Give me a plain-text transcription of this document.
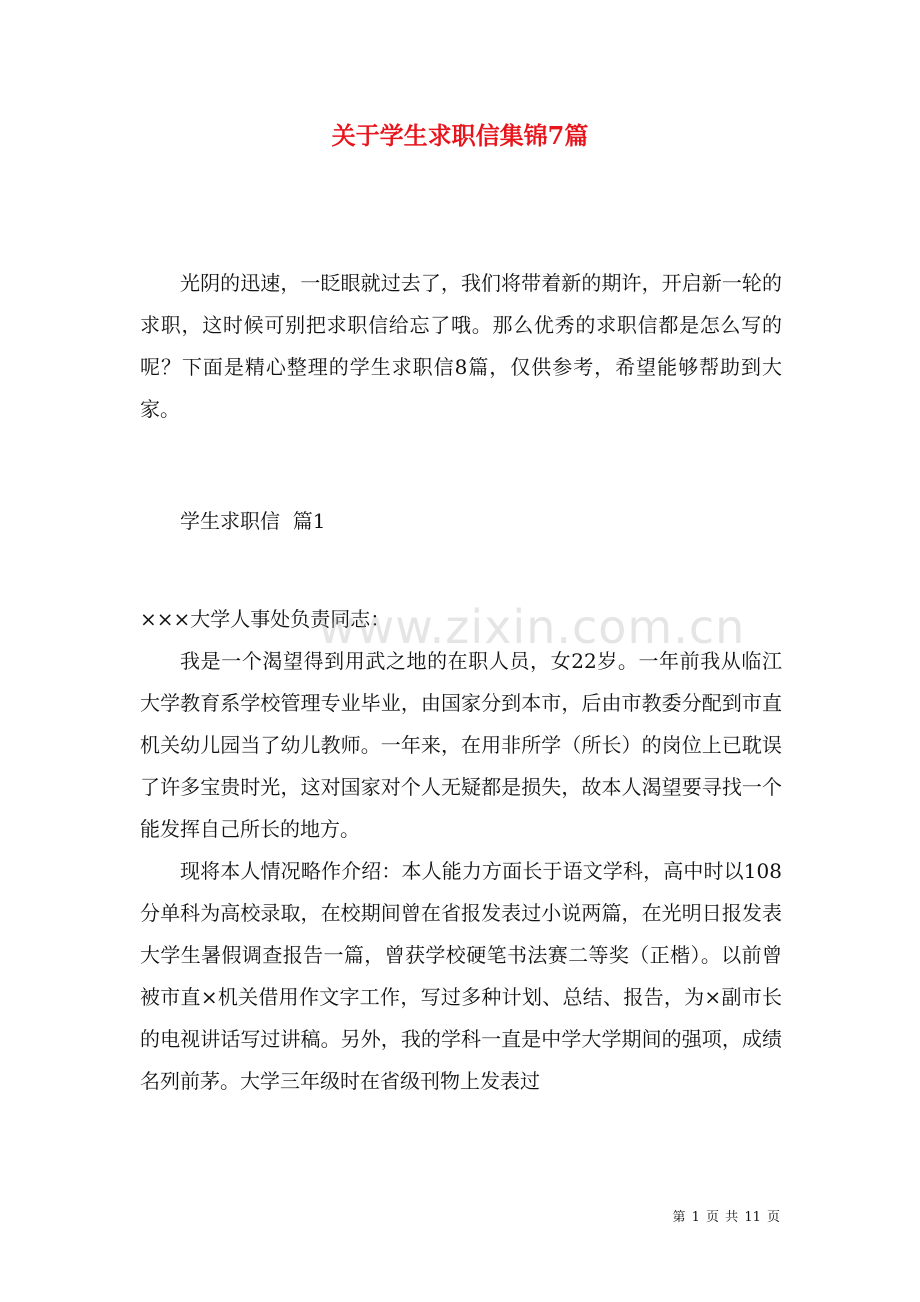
关于学生求职信集锦7篇

光阴的迅速，一眨眼就过去了，我们将带着新的期许，开启新一轮的求职，这时候可别把求职信给忘了哦。那么优秀的求职信都是怎么写的呢？下面是精心整理的学生求职信8篇，仅供参考，希望能够帮助到大家。

学生求职信  篇1

×××大学人事处负责同志：

我是一个渴望得到用武之地的在职人员，女22岁。一年前我从临江大学教育系学校管理专业毕业，由国家分到本市，后由市教委分配到市直机关幼儿园当了幼儿教师。一年来，在用非所学（所长）的岗位上已耽误了许多宝贵时光，这对国家对个人无疑都是损失，故本人渴望要寻找一个能发挥自己所长的地方。

现将本人情况略作介绍：本人能力方面长于语文学科，高中时以108分单科为高校录取，在校期间曾在省报发表过小说两篇，在光明日报发表大学生暑假调查报告一篇，曾获学校硬笔书法赛二等奖（正楷）。以前曾被市直×机关借用作文字工作，写过多种计划、总结、报告，为×副市长的电视讲话写过讲稿。另外，我的学科一直是中学大学期间的强项，成绩名列前茅。大学三年级时在省级刊物上发表过

www.zixin.com.cn
第 1 页 共 11 页
